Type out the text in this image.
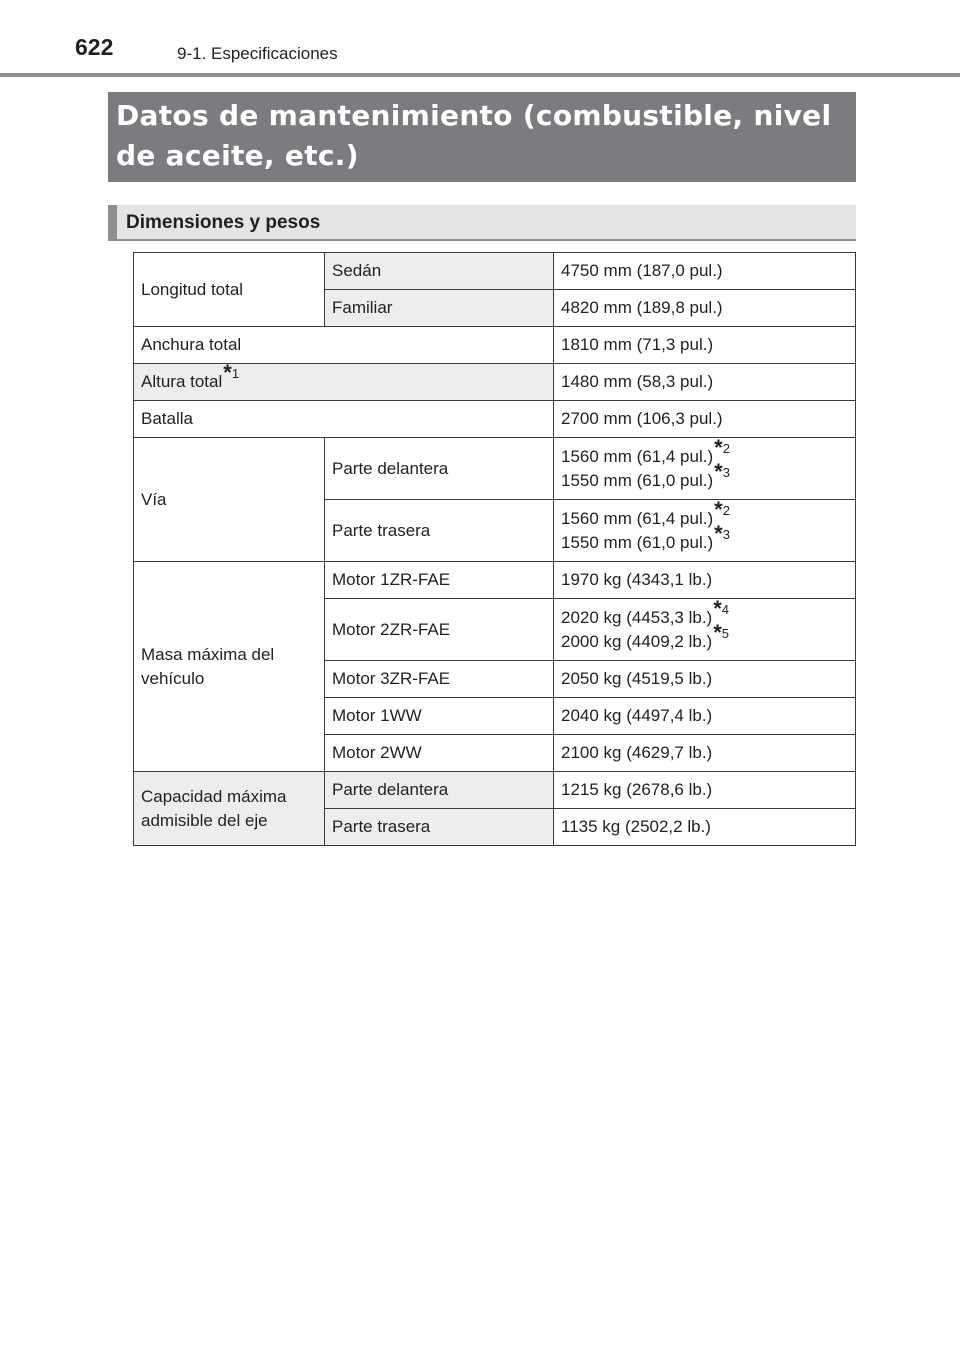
622	9-1. Especificaciones
Datos de mantenimiento (combustible, nivel de aceite, etc.)
Dimensiones y pesos
Longitud total	Sedán	4750 mm (187,0 pul.)
	Familiar	4820 mm (189,8 pul.)
Anchura total		1810 mm (71,3 pul.)
Altura total*$^1$		1480 mm (58,3 pul.)
Batalla		2700 mm (106,3 pul.)
Vía	Parte delantera	1560 mm (61,4 pul.)*$^2$
1550 mm (61,0 pul.)*$^3$

	Parte trasera	1560 mm (61,4 pul.)*$^2$
1550 mm (61,0 pul.)*$^3$

Masa máxima del
vehículo	Motor 1ZR-FAE	1970 kg (4343,1 lb.)
	Motor 2ZR-FAE	2020 kg (4453,3 lb.)*$^4$
2000 kg (4409,2 lb.)*$^5$

	Motor 3ZR-FAE	2050 kg (4519,5 lb.)
	Motor 1WW	2040 kg (4497,4 lb.)
	Motor 2WW	2100 kg (4629,7 lb.)

Capacidad máxima
admisible del eje	Parte delantera	1215 kg (2678,6 lb.)
	Parte trasera	1135 kg (2502,2 lb.)
